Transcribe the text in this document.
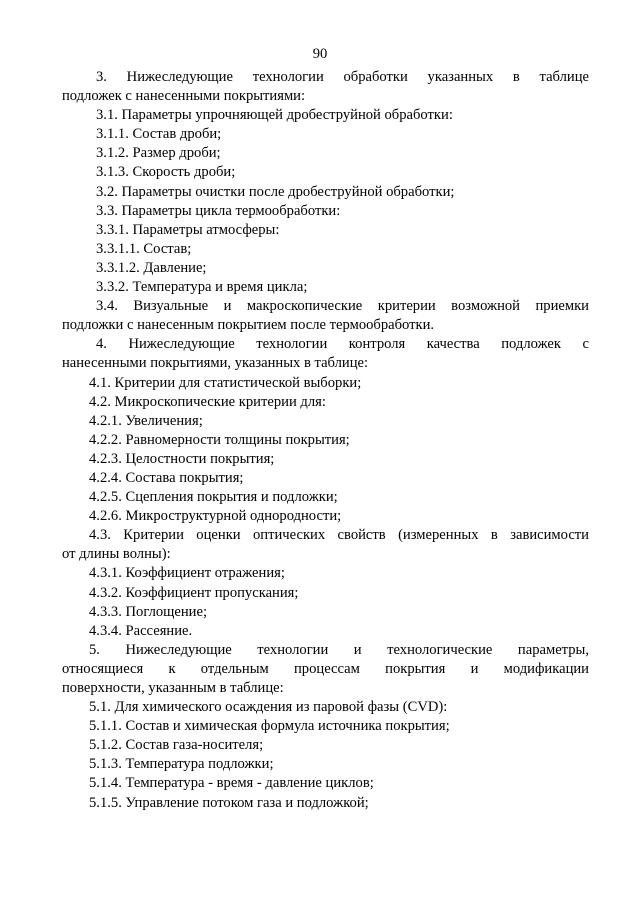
90
3. Нижеследующие технологии обработки указанных в таблице
подложек с нанесенными покрытиями:
3.1. Параметры упрочняющей дробеструйной обработки:
3.1.1. Состав дроби;
3.1.2. Размер дроби;
3.1.3. Скорость дроби;
3.2. Параметры очистки после дробеструйной обработки;
3.3. Параметры цикла термообработки:
3.3.1. Параметры атмосферы:
3.3.1.1. Состав;
3.3.1.2. Давление;
3.3.2. Температура и время цикла;
3.4. Визуальные и макроскопические критерии возможной приемки
подложки с нанесенным покрытием после термообработки.
4. Нижеследующие технологии контроля качества подложек с
нанесенными покрытиями, указанных в таблице:
4.1. Критерии для статистической выборки;
4.2. Микроскопические критерии для:
4.2.1. Увеличения;
4.2.2. Равномерности толщины покрытия;
4.2.3. Целостности покрытия;
4.2.4. Состава покрытия;
4.2.5. Сцепления покрытия и подложки;
4.2.6. Микроструктурной однородности;
4.3. Критерии оценки оптических свойств (измеренных в зависимости
от длины волны):
4.3.1. Коэффициент отражения;
4.3.2. Коэффициент пропускания;
4.3.3. Поглощение;
4.3.4. Рассеяние.
5. Нижеследующие технологии и технологические параметры,
относящиеся к отдельным процессам покрытия и модификации
поверхности, указанным в таблице:
5.1. Для химического осаждения из паровой фазы (CVD):
5.1.1. Состав и химическая формула источника покрытия;
5.1.2. Состав газа-носителя;
5.1.3. Температура подложки;
5.1.4. Температура - время - давление циклов;
5.1.5. Управление потоком газа и подложкой;
